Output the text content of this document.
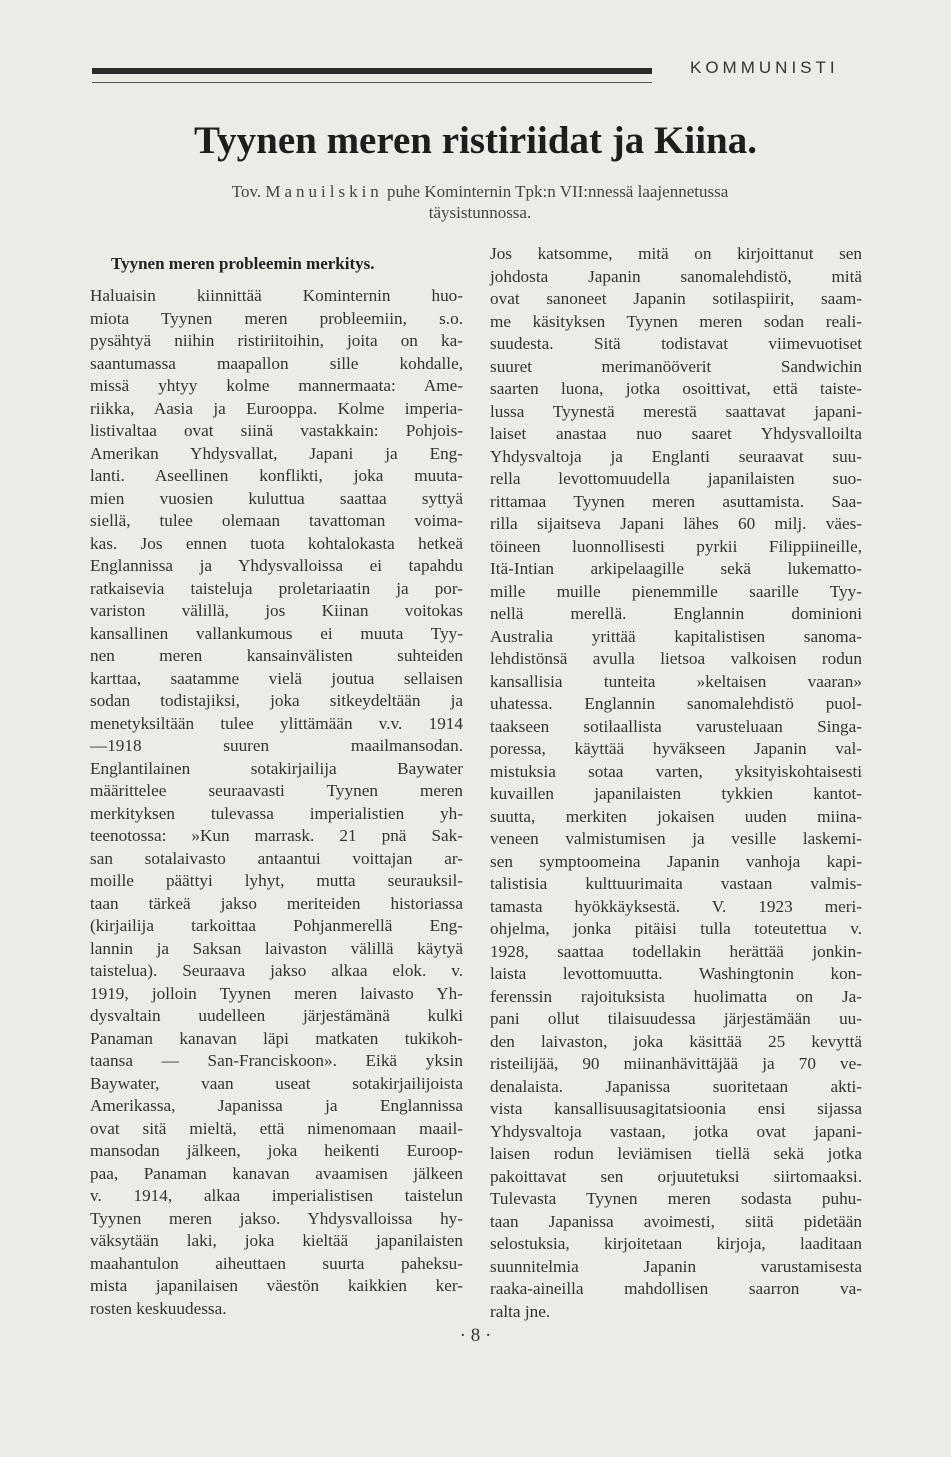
KOMMUNISTI
Tyynen meren ristiriidat ja Kiina.
Tov. Manuilskin puhe Kominternin Tpk:n VII:nnessä laajennetussa
täysistunnossa.
Tyynen meren probleemin merkitys.
Haluaisin kiinnittää Kominternin huo-
miota Tyynen meren probleemiin, s.o.
pysähtyä niihin ristiriitoihin, joita on ka-
saantumassa maapallon sille kohdalle,
missä yhtyy kolme mannermaata: Ame-
riikka, Aasia ja Eurooppa. Kolme imperia-
listivaltaa ovat siinä vastakkain: Pohjois-
Amerikan Yhdysvallat, Japani ja Eng-
lanti. Aseellinen konflikti, joka muuta-
mien vuosien kuluttua saattaa syttyä
siellä, tulee olemaan tavattoman voima-
kas. Jos ennen tuota kohtalokasta hetkeä
Englannissa ja Yhdysvalloissa ei tapahdu
ratkaisevia taisteluja proletariaatin ja por-
variston välillä, jos Kiinan voitokas
kansallinen vallankumous ei muuta Tyy-
nen meren kansainvälisten suhteiden
karttaa, saatamme vielä joutua sellaisen
sodan todistajiksi, joka sitkeydeltään ja
menetyksiltään tulee ylittämään v.v. 1914
—1918 suuren maailmansodan.
Englantilainen sotakirjailija Baywater
määrittelee seuraavasti Tyynen meren
merkityksen tulevassa imperialistien yh-
teenotossa: »Kun marrask. 21 pnä Sak-
san sotalaivasto antaantui voittajan ar-
moille päättyi lyhyt, mutta seurauksil-
taan tärkeä jakso meriteiden historiassa
(kirjailija tarkoittaa Pohjanmerellä Eng-
lannin ja Saksan laivaston välillä käytyä
taistelua). Seuraava jakso alkaa elok. v.
1919, jolloin Tyynen meren laivasto Yh-
dysvaltain uudelleen järjestämänä kulki
Panaman kanavan läpi matkaten tukikoh-
taansa — San-Franciskoon». Eikä yksin
Baywater, vaan useat sotakirjailijoista
Amerikassa, Japanissa ja Englannissa
ovat sitä mieltä, että nimenomaan maail-
mansodan jälkeen, joka heikenti Euroop-
paa, Panaman kanavan avaamisen jälkeen
v. 1914, alkaa imperialistisen taistelun
Tyynen meren jakso. Yhdysvalloissa hy-
väksytään laki, joka kieltää japanilaisten
maahantulon aiheuttaen suurta paheksu-
mista japanilaisen väestön kaikkien ker-
rosten keskuudessa.
Jos katsomme, mitä on kirjoittanut sen
johdosta Japanin sanomalehdistö, mitä
ovat sanoneet Japanin sotilaspiirit, saam-
me käsityksen Tyynen meren sodan reali-
suudesta. Sitä todistavat viimevuotiset
suuret merimanööverit Sandwichin
saarten luona, jotka osoittivat, että taiste-
lussa Tyynestä merestä saattavat japani-
laiset anastaa nuo saaret Yhdysvalloilta
Yhdysvaltoja ja Englanti seuraavat suu-
rella levottomuudella japanilaisten suo-
rittamaa Tyynen meren asuttamista. Saa-
rilla sijaitseva Japani lähes 60 milj. väes-
töineen luonnollisesti pyrkii Filippiineille,
Itä-Intian arkipelaagille sekä lukematto-
mille muille pienemmille saarille Tyy-
nellä merellä. Englannin dominioni
Australia yrittää kapitalistisen sanoma-
lehdistönsä avulla lietsoa valkoisen rodun
kansallisia tunteita »keltaisen vaaran»
uhatessa. Englannin sanomalehdistö puol-
taakseen sotilaallista varusteluaan Singa-
poressa, käyttää hyväkseen Japanin val-
mistuksia sotaa varten, yksityiskohtaisesti
kuvaillen japanilaisten tykkien kantot-
suutta, merkiten jokaisen uuden miina-
veneen valmistumisen ja vesille laskemi-
sen symptoomeina Japanin vanhoja kapi-
talistisia kulttuurimaita vastaan valmis-
tamasta hyökkäyksestä. V. 1923 meri-
ohjelma, jonka pitäisi tulla toteutettua v.
1928, saattaa todellakin herättää jonkin-
laista levottomuutta. Washingtonin kon-
ferenssin rajoituksista huolimatta on Ja-
pani ollut tilaisuudessa järjestämään uu-
den laivaston, joka käsittää 25 kevyttä
risteilijää, 90 miinanhävittäjää ja 70 ve-
denalaista. Japanissa suoritetaan akti-
vista kansallisuusagitatsioonia ensi sijassa
Yhdysvaltoja vastaan, jotka ovat japani-
laisen rodun leviämisen tiellä sekä jotka
pakoittavat sen orjuutetuksi siirtomaaksi.
Tulevasta Tyynen meren sodasta puhu-
taan Japanissa avoimesti, siitä pidetään
selostuksia, kirjoitetaan kirjoja, laaditaan
suunnitelmia Japanin varustamisesta
raaka-aineilla mahdollisen saarron va-
ralta jne.
· 8 ·
